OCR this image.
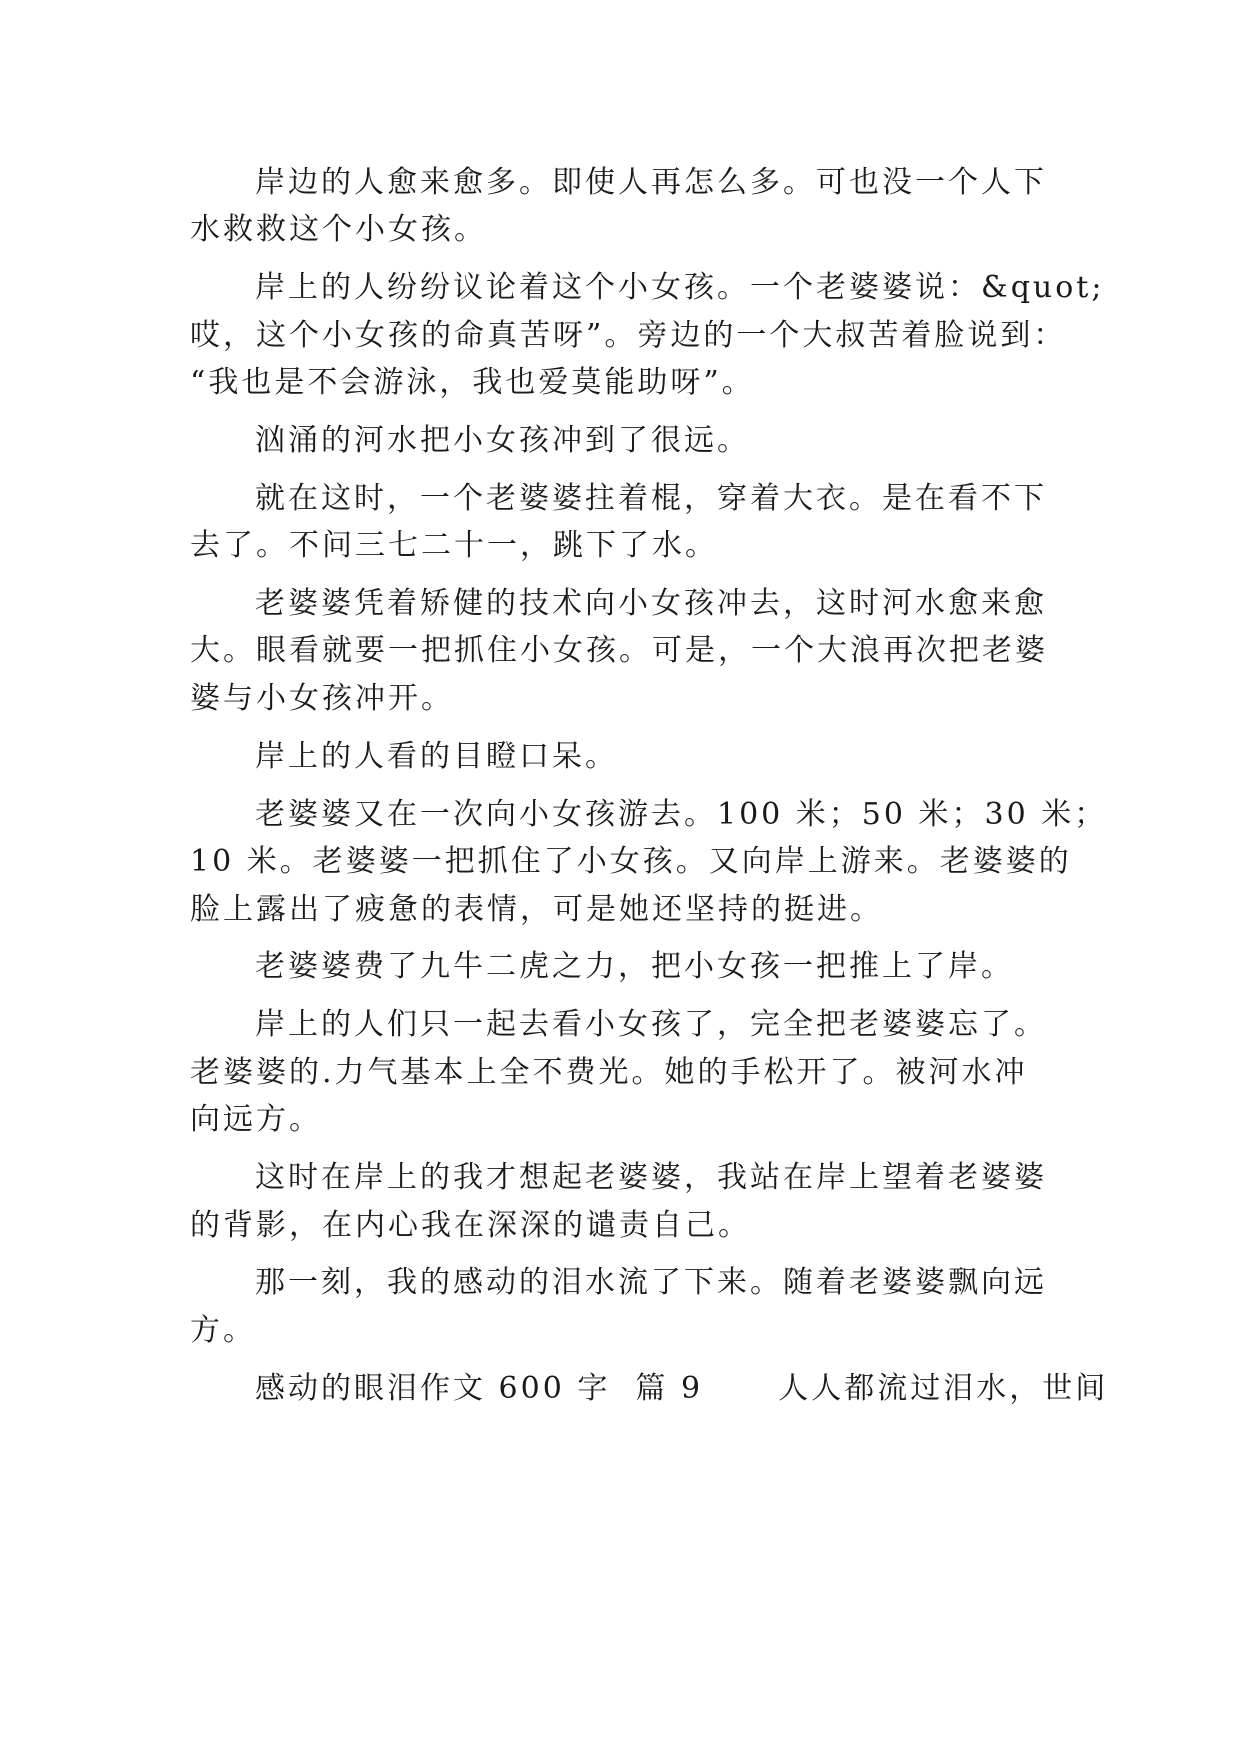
岸边的人愈来愈多。即使人再怎么多。可也没一个人下
水救救这个小女孩。
岸上的人纷纷议论着这个小女孩。一个老婆婆说：&quot;
哎，这个小女孩的命真苦呀”。旁边的一个大叔苦着脸说到：
“我也是不会游泳，我也爱莫能助呀”。
汹涌的河水把小女孩冲到了很远。
就在这时，一个老婆婆拄着棍，穿着大衣。是在看不下
去了。不问三七二十一，跳下了水。
老婆婆凭着矫健的技术向小女孩冲去，这时河水愈来愈
大。眼看就要一把抓住小女孩。可是，一个大浪再次把老婆
婆与小女孩冲开。
岸上的人看的目瞪口呆。
老婆婆又在一次向小女孩游去。100 米；50 米；30 米；
10 米。老婆婆一把抓住了小女孩。又向岸上游来。老婆婆的
脸上露出了疲惫的表情，可是她还坚持的挺进。
老婆婆费了九牛二虎之力，把小女孩一把推上了岸。
岸上的人们只一起去看小女孩了，完全把老婆婆忘了。
老婆婆的.力气基本上全不费光。她的手松开了。被河水冲
向远方。
这时在岸上的我才想起老婆婆，我站在岸上望着老婆婆
的背影，在内心我在深深的谴责自己。
那一刻，我的感动的泪水流了下来。随着老婆婆飘向远
方。
感动的眼泪作文 600 字  篇 9      人人都流过泪水，世间
